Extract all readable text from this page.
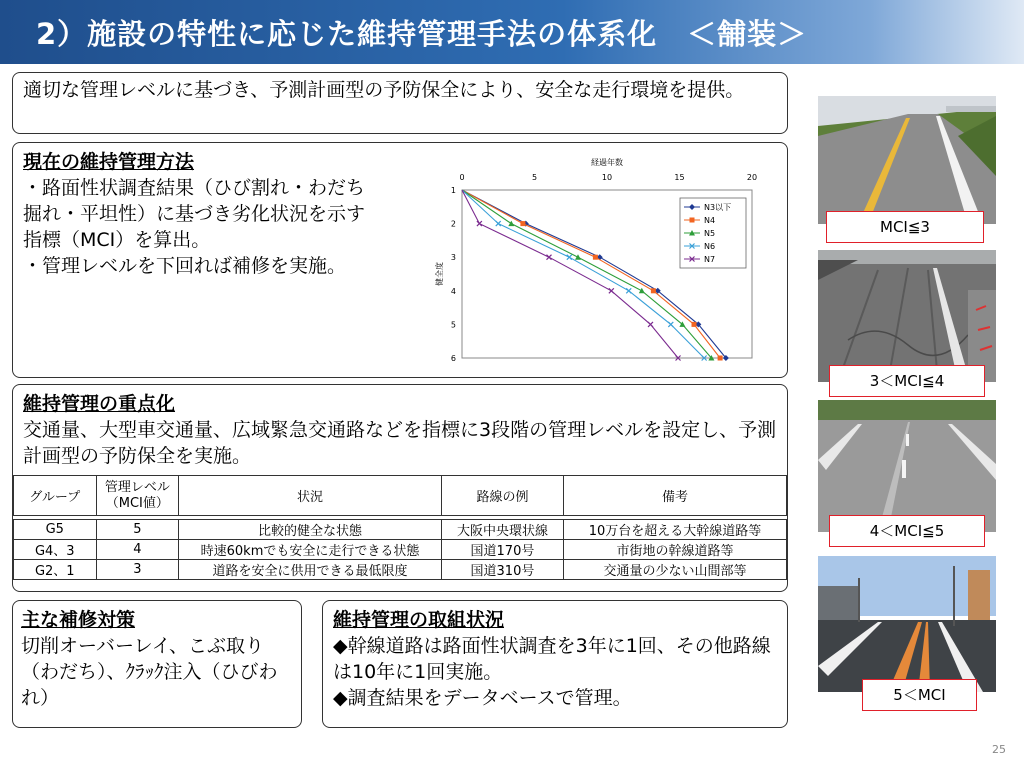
2）施設の特性に応じた維持管理手法の体系化　＜舗装＞
適切な管理レベルに基づき、予測計画型の予防保全により、安全な走行環境を提供。
現在の維持管理方法
・路面性状調査結果（ひび割れ・わだち掘れ・平坦性）に基づき劣化状況を示す指標（MCI）を算出。
・管理レベルを下回れば補修を実施。
経過年数
0	5	10	15	20
1
2
3
4
5
6
健全度
N3以下
N4
N5
N6
N7
維持管理の重点化
交通量、大型車交通量、広域緊急交通路などを指標に3段階の管理レベルを設定し、予測計画型の予防保全を実施。
グループ	管理レベル（MCI値）	状況	路線の例	備考

G5	5	比較的健全な状態	大阪中央環状線	10万台を超える大幹線道路等
G4、3	4	時速60kmでも安全に走行できる状態	国道170号	市街地の幹線道路等
G2、1	3	道路を安全に供用できる最低限度	国道310号	交通量の少ない山間部等
主な補修対策
切削オーバーレイ、こぶ取り（わだち）、ｸﾗｯｸ注入（ひびわれ）
維持管理の取組状況
◆幹線道路は路面性状調査を3年に1回、その他路線は10年に1回実施。
◆調査結果をデータベースで管理。
MCI≦3
3＜MCI≦4
4＜MCI≦5
5＜MCI
25
